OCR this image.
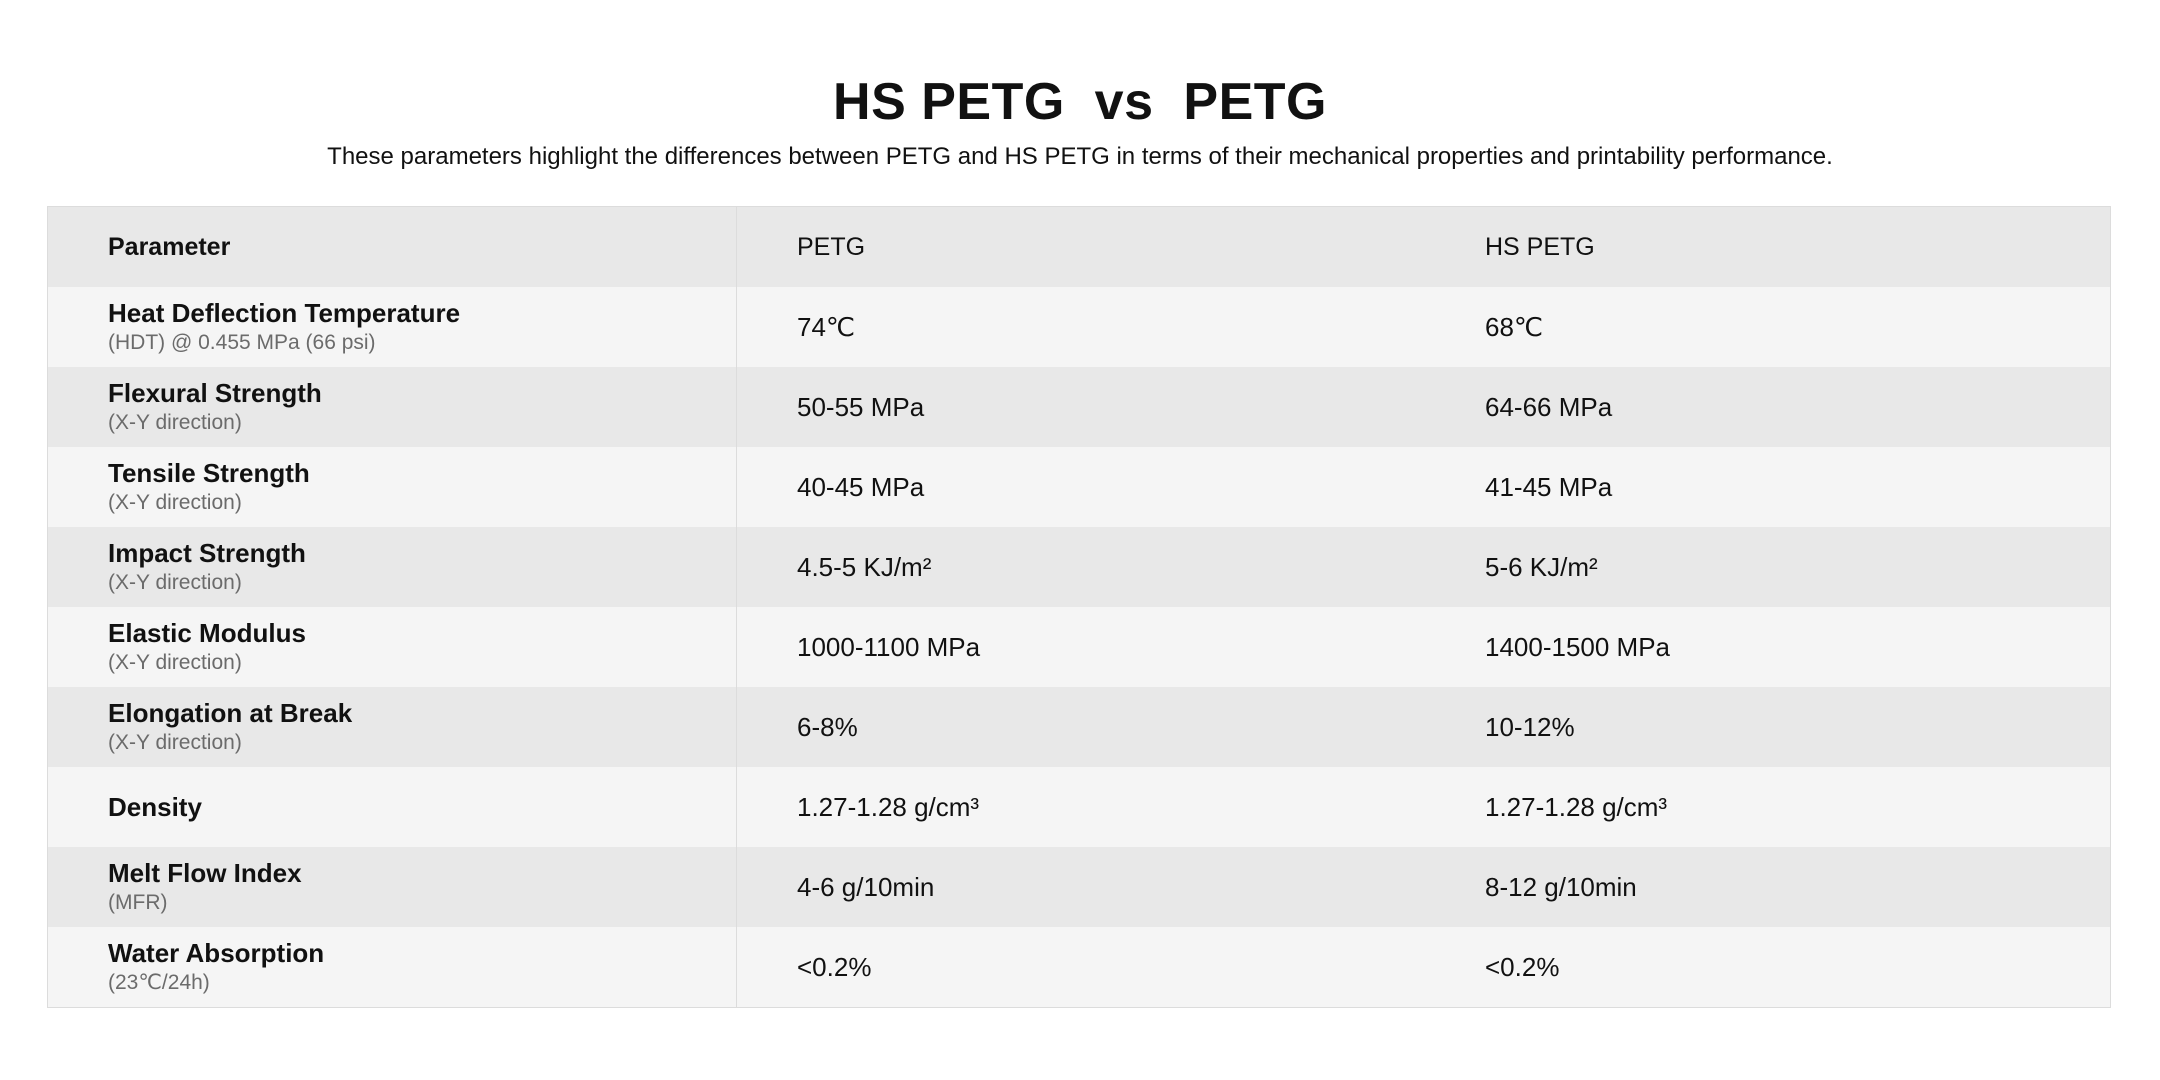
HS PETG  vs  PETG
These parameters highlight the differences between PETG and HS PETG in terms of their mechanical properties and printability performance.
Parameter	PETG	HS PETG
Heat Deflection Temperature
(HDT) @ 0.455 MPa (66 psi)
74℃	68℃
Flexural Strength
(X-Y direction)
50-55 MPa	64-66 MPa
Tensile Strength
(X-Y direction)
40-45 MPa	41-45 MPa
Impact Strength
(X-Y direction)
4.5-5 KJ/m²	5-6 KJ/m²
Elastic Modulus
(X-Y direction)
1000-1100 MPa	1400-1500 MPa
Elongation at Break
(X-Y direction)
6-8%	10-12%
Density	1.27-1.28 g/cm³	1.27-1.28 g/cm³
Melt Flow Index
(MFR)
4-6 g/10min	8-12 g/10min
Water Absorption
(23℃/24h)
<0.2%	<0.2%
